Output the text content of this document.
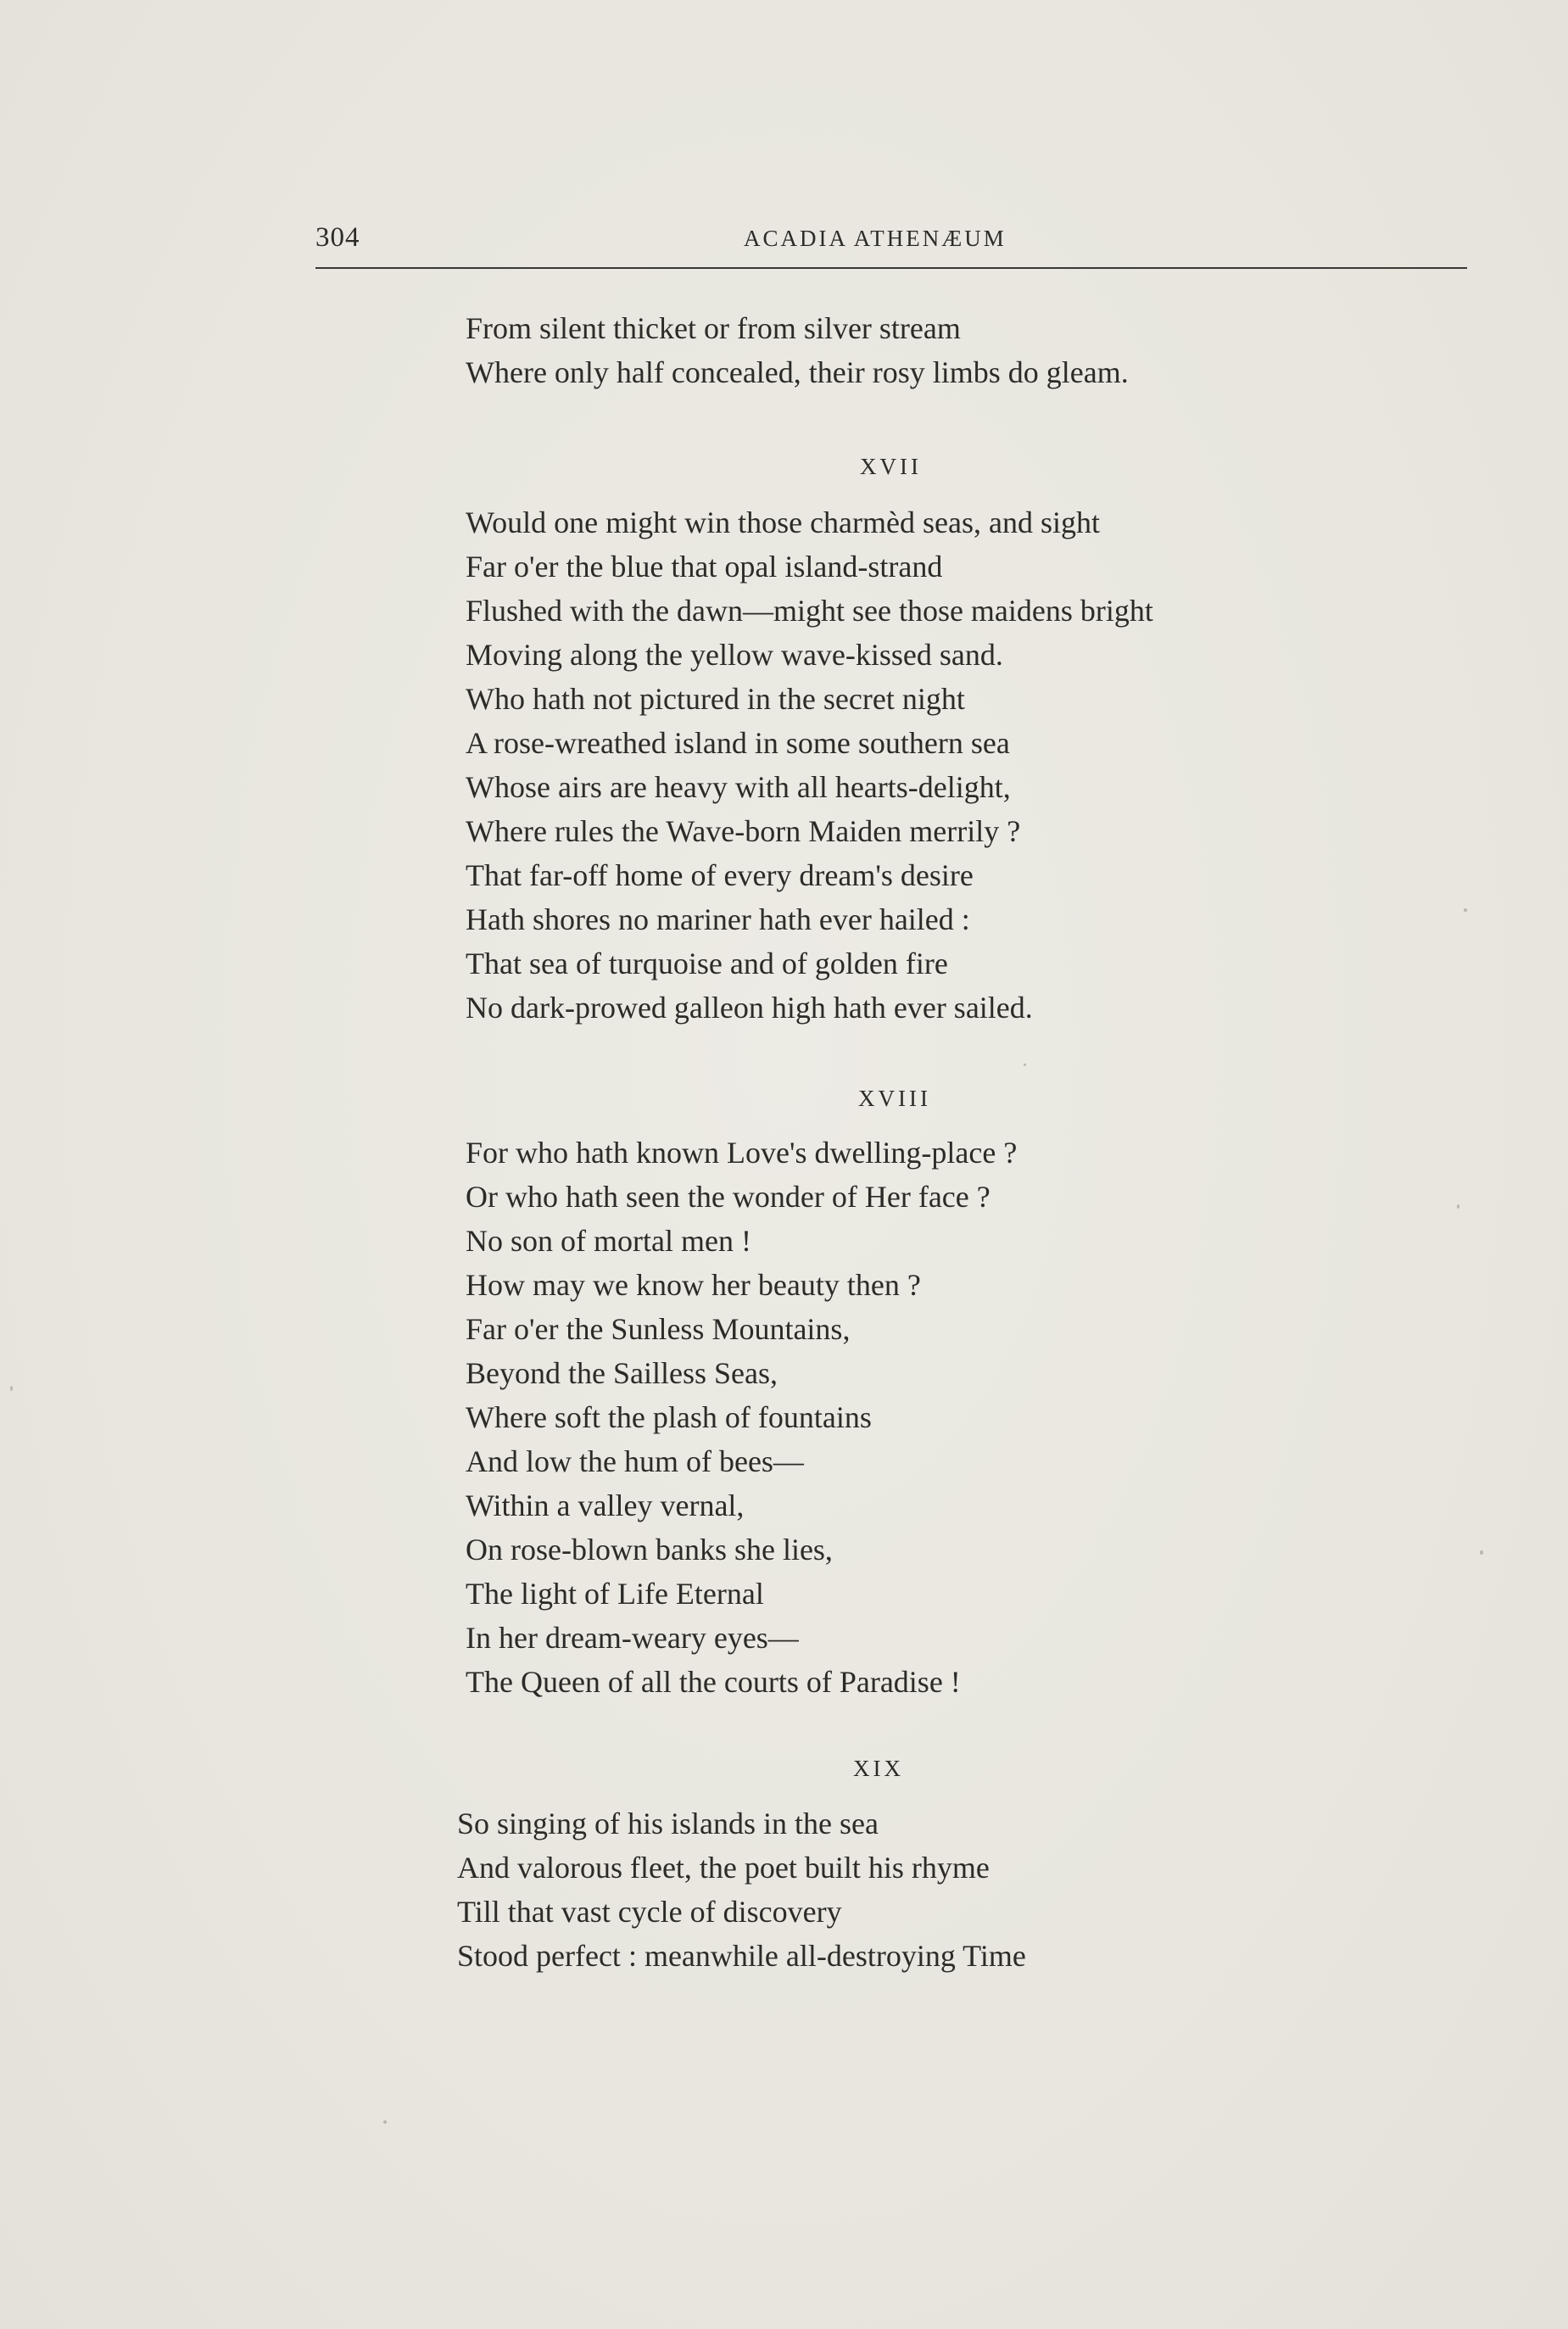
304	ACADIA ATHENÆUM
From silent thicket or from silver stream
Where only half concealed, their rosy limbs do gleam.
XVII
Would one might win those charmèd seas, and sight
Far o'er the blue that opal island-strand
Flushed with the dawn—might see those maidens bright
Moving along the yellow wave-kissed sand.
Who hath not pictured in the secret night
A rose-wreathed island in some southern sea
Whose airs are heavy with all hearts-delight,
Where rules the Wave-born Maiden merrily ?
That far-off home of every dream's desire
Hath shores no mariner hath ever hailed :
That sea of turquoise and of golden fire
No dark-prowed galleon high hath ever sailed.
XVIII
For who hath known Love's dwelling-place ?
Or who hath seen the wonder of Her face ?
No son of mortal men !
How may we know her beauty then ?
Far o'er the Sunless Mountains,
Beyond the Sailless Seas,
Where soft the plash of fountains
And low the hum of bees—
Within a valley vernal,
On rose-blown banks she lies,
The light of Life Eternal
In her dream-weary eyes—
The Queen of all the courts of Paradise !
XIX
So singing of his islands in the sea
And valorous fleet, the poet built his rhyme
Till that vast cycle of discovery
Stood perfect : meanwhile all-destroying Time
